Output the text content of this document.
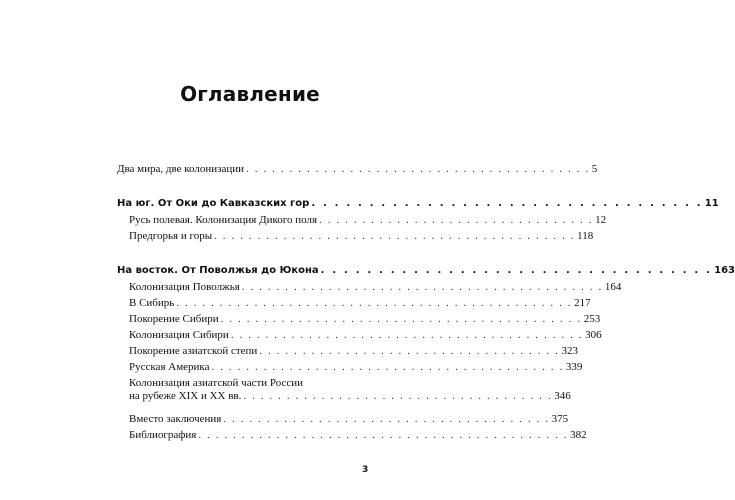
Оглавление
Два мира, две колонизации . . . . . . . . . . . . . . . . . . . . . . . . . . . . . . . . . . . . . . . . 5
На юг. От Оки до Кавказских гор . . . . . . . . . . . . . . . . . . . . . . . . . . . . . . . . . . 11
Русь полевая. Колонизация Дикого поля . . . . . . . . . . . . . . . . . . . . . . . . . . . . . . . . 12
Предгорья и горы . . . . . . . . . . . . . . . . . . . . . . . . . . . . . . . . . . . . . . . . . . 118
На восток. От Поволжья до Юкона . . . . . . . . . . . . . . . . . . . . . . . . . . . . . . . . . . 163
Колонизация Поволжья . . . . . . . . . . . . . . . . . . . . . . . . . . . . . . . . . . . . . . . . . . 164
В Сибирь . . . . . . . . . . . . . . . . . . . . . . . . . . . . . . . . . . . . . . . . . . . . . . 217
Покорение Сибири . . . . . . . . . . . . . . . . . . . . . . . . . . . . . . . . . . . . . . . . . . 253
Колонизация Сибири . . . . . . . . . . . . . . . . . . . . . . . . . . . . . . . . . . . . . . . . . 306
Покорение азиатской степи . . . . . . . . . . . . . . . . . . . . . . . . . . . . . . . . . . . 323
Русская Америка . . . . . . . . . . . . . . . . . . . . . . . . . . . . . . . . . . . . . . . . . 339
Колонизация азиатской части России
на рубеже XIX и XX вв. . . . . . . . . . . . . . . . . . . . . . . . . . . . . . . . . . . . . 346
Вместо заключения . . . . . . . . . . . . . . . . . . . . . . . . . . . . . . . . . . . . . . 375
Библиография . . . . . . . . . . . . . . . . . . . . . . . . . . . . . . . . . . . . . . . . . . . 382
3
